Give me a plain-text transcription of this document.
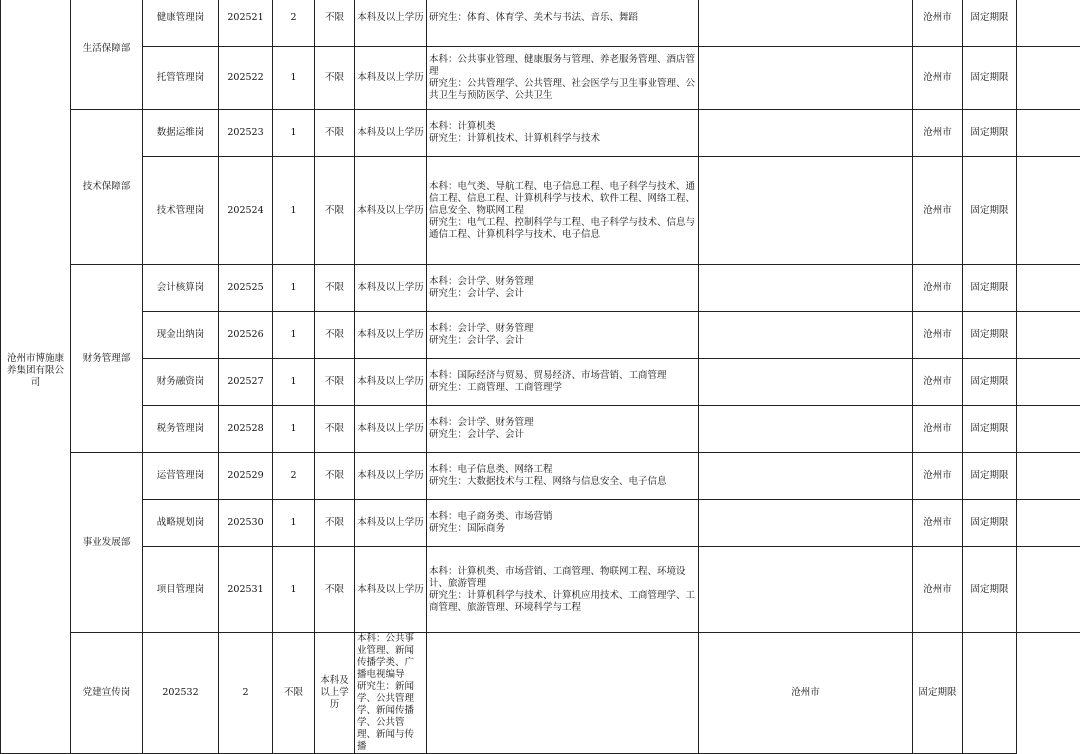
沧州市博施康养集团有限公司	生活保障部	健康管理岗	202521	2	不限	本科及以上学历	研究生：体育、体育学、美术与书法、音乐、舞蹈		沧州市	固定期限	
		托管管理岗	202522	1	不限	本科及以上学历	本科：公共事业管理、健康服务与管理、养老服务管理、酒店管理
研究生：公共管理学、公共管理、社会医学与卫生事业管理、公共卫生与预防医学、公共卫生		沧州市	固定期限	
	技术保障部	数据运维岗	202523	1	不限	本科及以上学历	本科：计算机类
研究生：计算机技术、计算机科学与技术		沧州市	固定期限	
		技术管理岗	202524	1	不限	本科及以上学历	本科：电气类、导航工程、电子信息工程、电子科学与技术、通信工程、信息工程、计算机科学与技术、软件工程、网络工程、信息安全、物联网工程
研究生：电气工程、控制科学与工程、电子科学与技术、信息与通信工程、计算机科学与技术、电子信息		沧州市	固定期限	
	财务管理部	会计核算岗	202525	1	不限	本科及以上学历	本科：会计学、财务管理
研究生：会计学、会计		沧州市	固定期限	
		现金出纳岗	202526	1	不限	本科及以上学历	本科：会计学、财务管理
研究生：会计学、会计		沧州市	固定期限	
		财务融资岗	202527	1	不限	本科及以上学历	本科：国际经济与贸易、贸易经济、市场营销、工商管理
研究生：工商管理、工商管理学		沧州市	固定期限	
		税务管理岗	202528	1	不限	本科及以上学历	本科：会计学、财务管理
研究生：会计学、会计		沧州市	固定期限	
	事业发展部	运营管理岗	202529	2	不限	本科及以上学历	本科：电子信息类、网络工程
研究生：大数据技术与工程、网络与信息安全、电子信息		沧州市	固定期限	
		战略规划岗	202530	1	不限	本科及以上学历	本科：电子商务类、市场营销
研究生：国际商务		沧州市	固定期限	
		项目管理岗	202531	1	不限	本科及以上学历	本科：计算机类、市场营销、工商管理、物联网工程、环境设计、旅游管理
研究生：计算机科学与技术、计算机应用技术、工商管理学、工商管理、旅游管理、环境科学与工程		沧州市	固定期限	
	党建宣传岗	202532	2	不限	本科及以上学历	本科：公共事业管理、新闻传播学类、广播电视编导
研究生：新闻学、公共管理学、新闻传播学、公共管理、新闻与传播		沧州市	固定期限		
